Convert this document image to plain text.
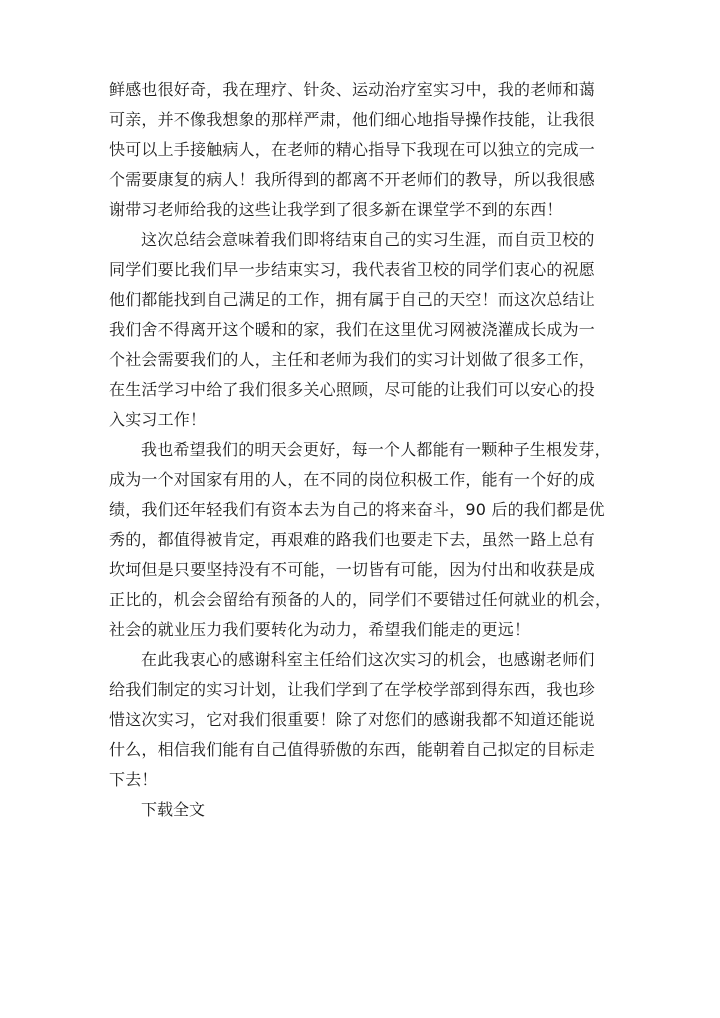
鲜感也很好奇，我在理疗、针灸、运动治疗室实习中，我的老师和蔼
可亲，并不像我想象的那样严肃，他们细心地指导操作技能，让我很
快可以上手接触病人，在老师的精心指导下我现在可以独立的完成一
个需要康复的病人！我所得到的都离不开老师们的教导，所以我很感
谢带习老师给我的这些让我学到了很多新在课堂学不到的东西！
这次总结会意味着我们即将结束自己的实习生涯，而自贡卫校的
同学们要比我们早一步结束实习，我代表省卫校的同学们衷心的祝愿
他们都能找到自己满足的工作，拥有属于自己的天空！而这次总结让
我们舍不得离开这个暖和的家，我们在这里优习网被浇灌成长成为一
个社会需要我们的人，主任和老师为我们的实习计划做了很多工作，
在生活学习中给了我们很多关心照顾，尽可能的让我们可以安心的投
入实习工作！
我也希望我们的明天会更好，每一个人都能有一颗种子生根发芽，
成为一个对国家有用的人，在不同的岗位积极工作，能有一个好的成
绩，我们还年轻我们有资本去为自己的将来奋斗，90 后的我们都是优
秀的，都值得被肯定，再艰难的路我们也要走下去，虽然一路上总有
坎坷但是只要坚持没有不可能，一切皆有可能，因为付出和收获是成
正比的，机会会留给有预备的人的，同学们不要错过任何就业的机会，
社会的就业压力我们要转化为动力，希望我们能走的更远！
在此我衷心的感谢科室主任给们这次实习的机会，也感谢老师们
给我们制定的实习计划，让我们学到了在学校学部到得东西，我也珍
惜这次实习，它对我们很重要！除了对您们的感谢我都不知道还能说
什么，相信我们能有自己值得骄傲的东西，能朝着自己拟定的目标走
下去！
下载全文
